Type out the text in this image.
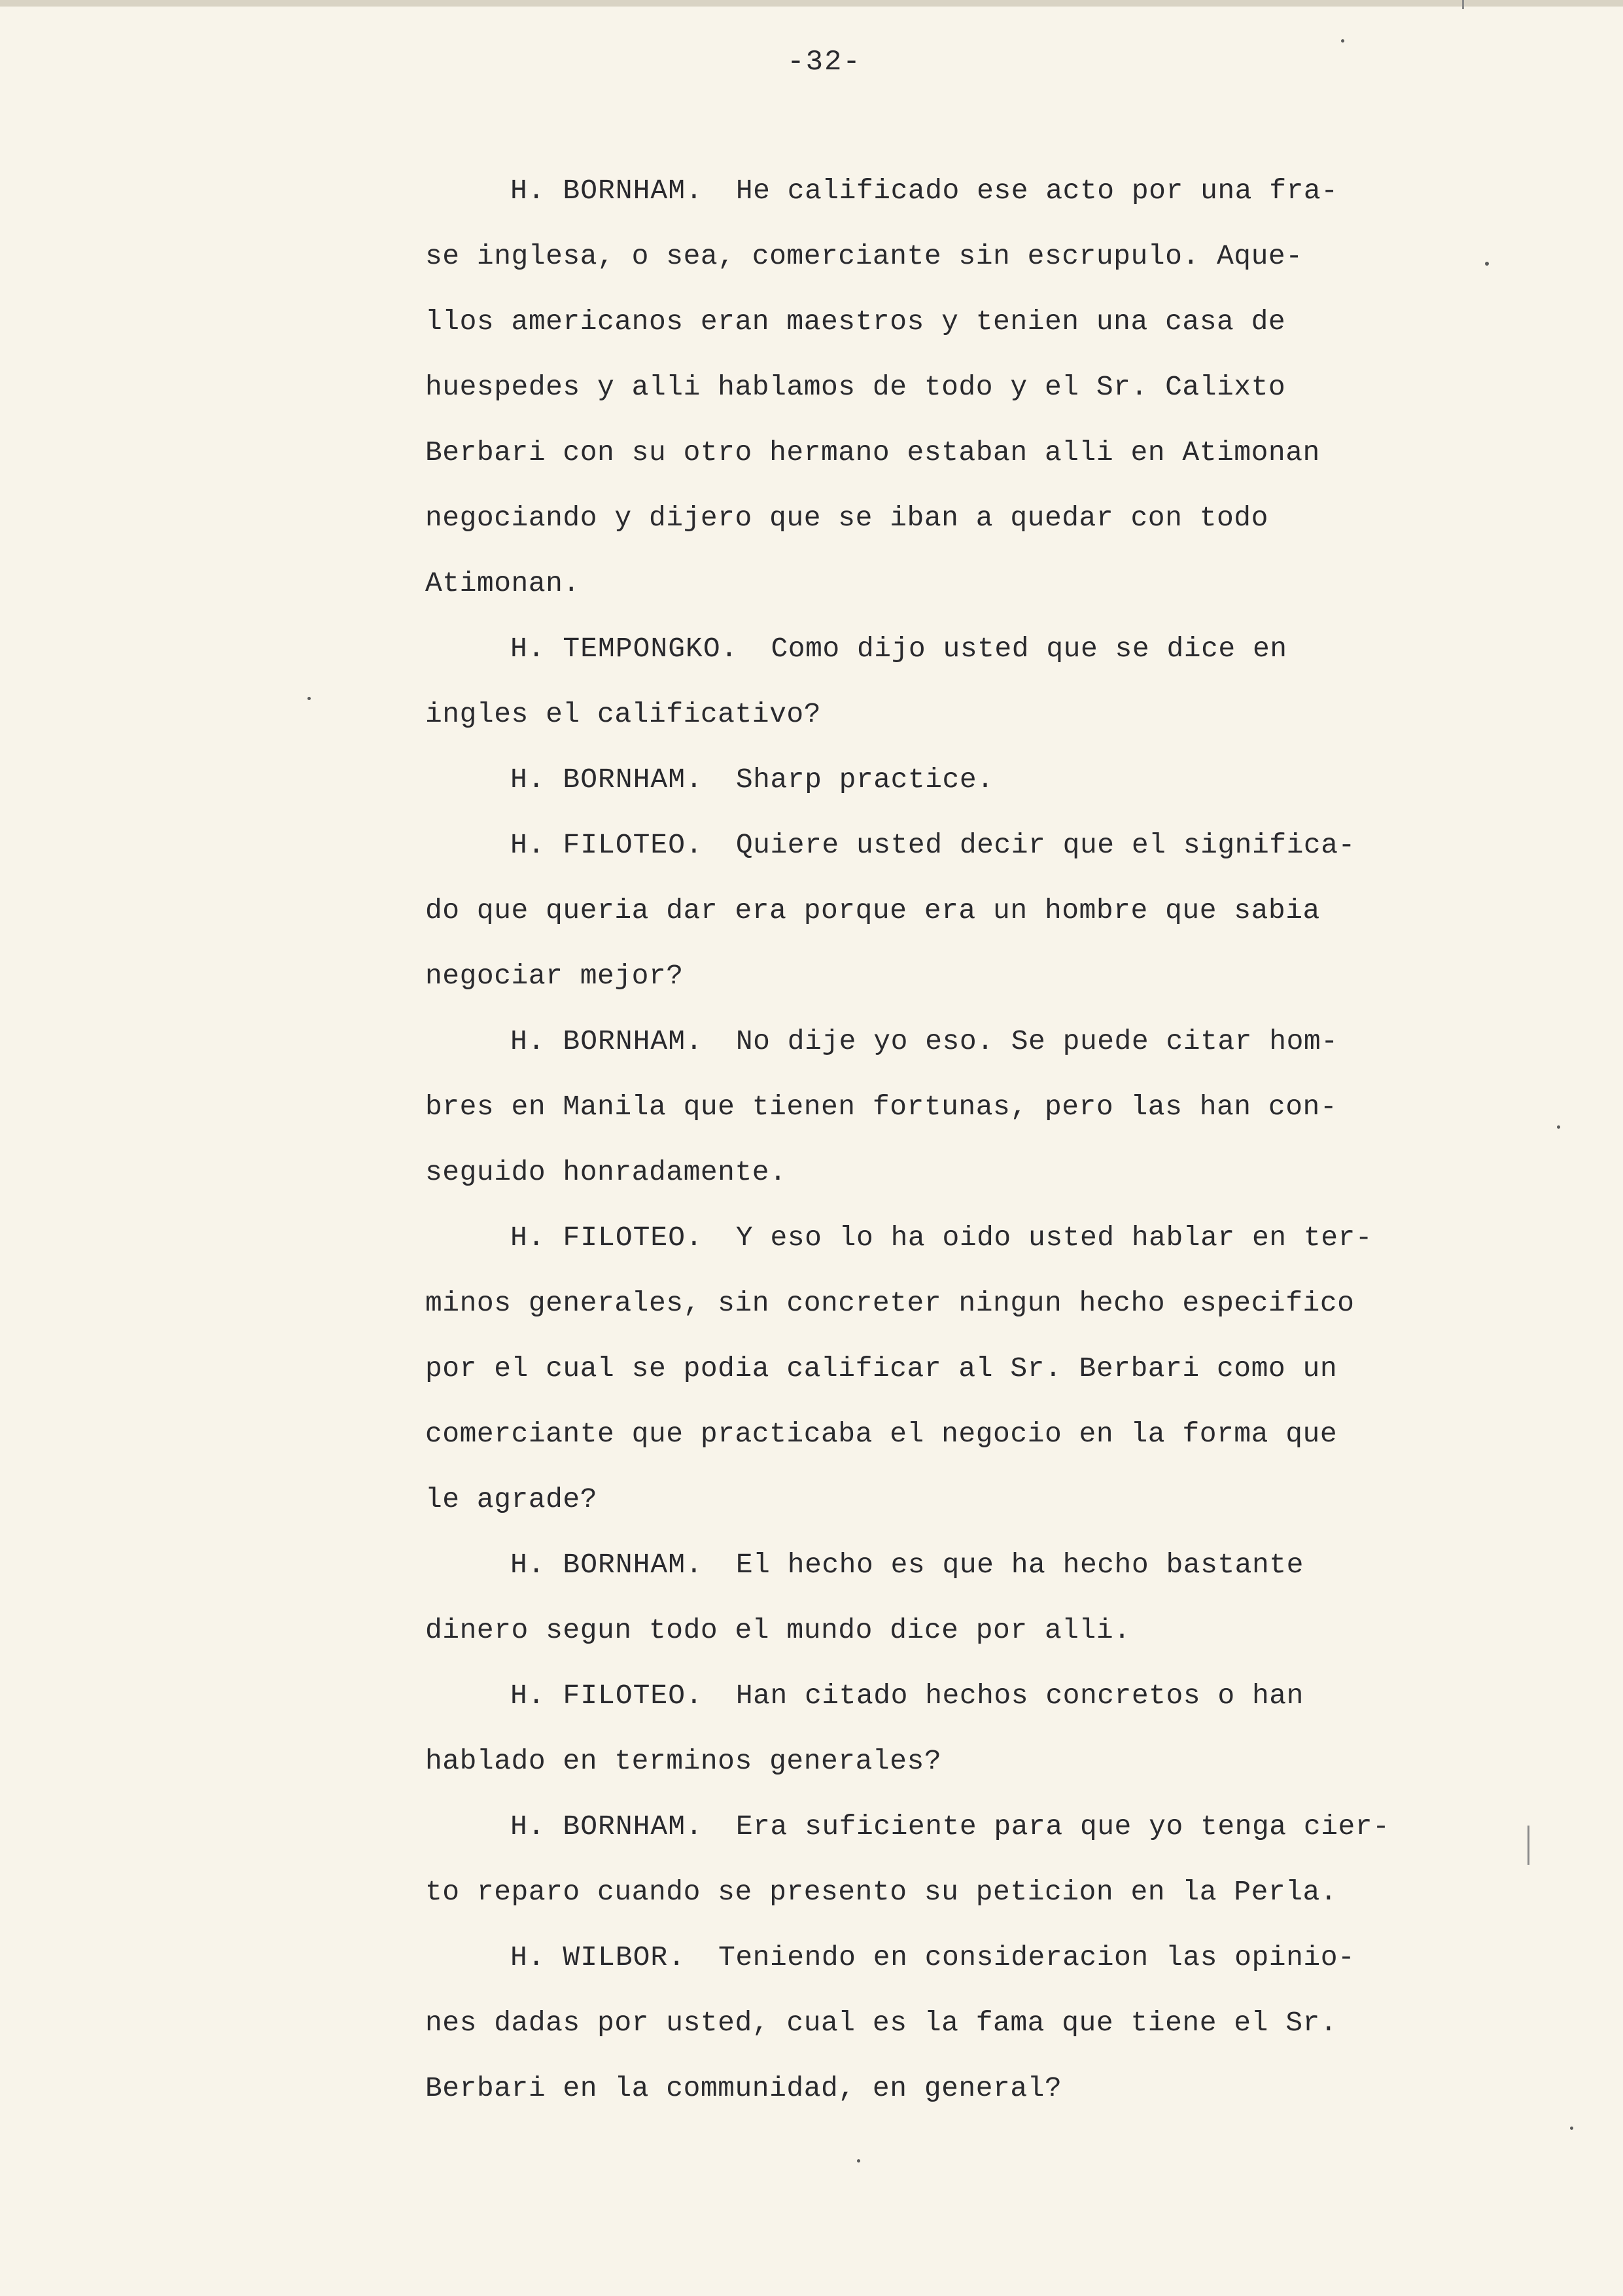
-32-
H. BORNHAM. He calificado ese acto por una fra-
se inglesa, o sea, comerciante sin escrupulo. Aque-
llos americanos eran maestros y tenien una casa de
huespedes y alli hablamos de todo y el Sr. Calixto
Berbari con su otro hermano estaban alli en Atimonan
negociando y dijero que se iban a quedar con todo
Atimonan.
H. TEMPONGKO. Como dijo usted que se dice en
ingles el calificativo?
H. BORNHAM. Sharp practice.
H. FILOTEO. Quiere usted decir que el significa-
do que queria dar era porque era un hombre que sabia
negociar mejor?
H. BORNHAM. No dije yo eso. Se puede citar hom-
bres en Manila que tienen fortunas, pero las han con-
seguido honradamente.
H. FILOTEO. Y eso lo ha oido usted hablar en ter-
minos generales, sin concreter ningun hecho especifico
por el cual se podia calificar al Sr. Berbari como un
comerciante que practicaba el negocio en la forma que
le agrade?
H. BORNHAM. El hecho es que ha hecho bastante
dinero segun todo el mundo dice por alli.
H. FILOTEO. Han citado hechos concretos o han
hablado en terminos generales?
H. BORNHAM. Era suficiente para que yo tenga cier-
to reparo cuando se presento su peticion en la Perla.
H. WILBOR. Teniendo en consideracion las opinio-
nes dadas por usted, cual es la fama que tiene el Sr.
Berbari en la communidad, en general?
